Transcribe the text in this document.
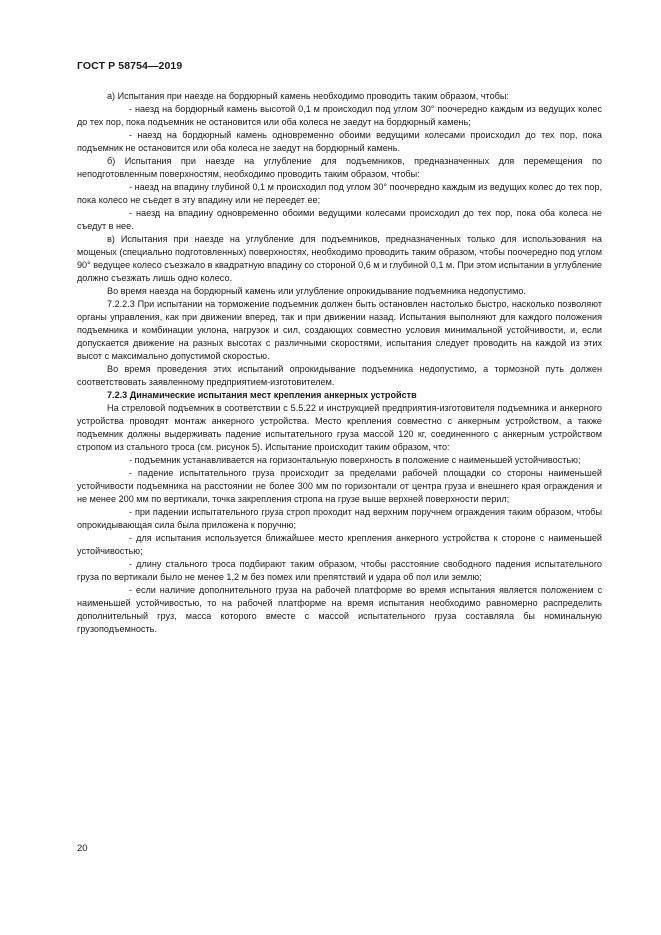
ГОСТ Р 58754—2019

а) Испытания при наезде на бордюрный камень необходимо проводить таким образом, чтобы:

- наезд на бордюрный камень высотой 0,1 м происходил под углом 30° поочередно каждым из ведущих колес до тех пор, пока подъемник не остановится или оба колеса не заедут на бордюрный камень;

- наезд на бордюрный камень одновременно обоими ведущими колесами происходил до тех пор, пока подъемник не остановится или оба колеса не заедут на бордюрный камень.

б) Испытания при наезде на углубление для подъемников, предназначенных для перемещения по неподготовленным поверхностям, необходимо проводить таким образом, чтобы:

- наезд на впадину глубиной 0,1 м происходил под углом 30° поочередно каждым из ведущих колес до тех пор, пока колесо не съедет в эту впадину или не переедет ее;

- наезд на впадину одновременно обоими ведущими колесами происходил до тех пор, пока оба колеса не съедут в нее.

в) Испытания при наезде на углубление для подъемников, предназначенных только для использования на мощеных (специально подготовленных) поверхностях, необходимо проводить таким образом, чтобы поочередно под углом 90° ведущее колесо съезжало в квадратную впадину со стороной 0,6 м и глубиной 0,1 м. При этом испытании в углубление должно съезжать лишь одно колесо.

Во время наезда на бордюрный камень или углубление опрокидывание подъемника недопустимо.

7.2.2.3 При испытании на торможение подъемник должен быть остановлен настолько быстро, насколько позволяют органы управления, как при движении вперед, так и при движении назад. Испытания выполняют для каждого положения подъемника и комбинации уклона, нагрузок и сил, создающих совместно условия минимальной устойчивости, и, если допускается движение на разных высотах с различными скоростями, испытания следует проводить на каждой из этих высот с максимально допустимой скоростью.

Во время проведения этих испытаний опрокидывание подъемника недопустимо, а тормозной путь должен соответствовать заявленному предприятием-изготовителем.

7.2.3 Динамические испытания мест крепления анкерных устройств

На стреловой подъемник в соответствии с 5.5.22 и инструкцией предприятия-изготовителя подъемника и анкерного устройства проводят монтаж анкерного устройства. Место крепления совместно с анкерным устройством, а также подъемник должны выдерживать падение испытательного груза массой 120 кг, соединенного с анкерным устройством стропом из стального троса (см. рисунок 5). Испытание происходит таким образом, что:

- подъемник устанавливается на горизонтальную поверхность в положение с наименьшей устойчивостью;

- падение испытательного груза происходит за пределами рабочей площадки со стороны наименьшей устойчивости подъемника на расстоянии не более 300 мм по горизонтали от центра груза и внешнего края ограждения и не менее 200 мм по вертикали, точка закрепления стропа на грузе выше верхней поверхности перил;

- при падении испытательного груза строп проходит над верхним поручнем ограждения таким образом, чтобы опрокидывающая сила была приложена к поручню;

- для испытания используется ближайшее место крепления анкерного устройства к стороне с наименьшей устойчивостью;

- длину стального троса подбирают таким образом, чтобы расстояние свободного падения испытательного груза по вертикали было не менее 1,2 м без помех или препятствий и удара об пол или землю;

- если наличие дополнительного груза на рабочей платформе во время испытания является положением с наименьшей устойчивостью, то на рабочей платформе на время испытания необходимо равномерно распределить дополнительный груз, масса которого вместе с массой испытательного груза составляла бы номинальную грузоподъемность.

20
